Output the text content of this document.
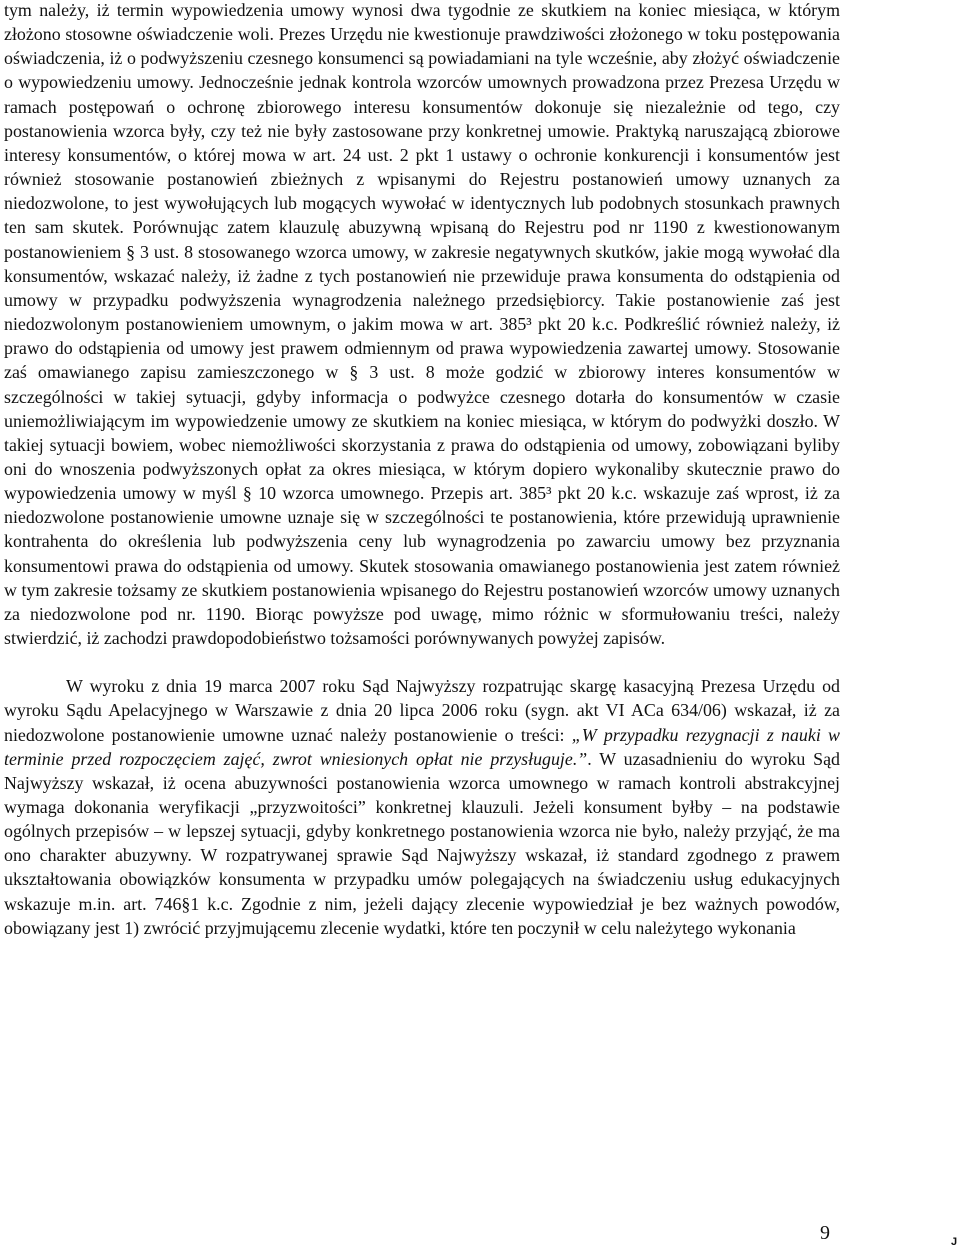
tym należy, iż termin wypowiedzenia umowy wynosi dwa tygodnie ze skutkiem na koniec miesiąca, w którym złożono stosowne oświadczenie woli. Prezes Urzędu nie kwestionuje prawdziwości złożonego w toku postępowania oświadczenia, iż o podwyższeniu czesnego konsumenci są powiadamiani na tyle wcześnie, aby złożyć oświadczenie o wypowiedzeniu umowy. Jednocześnie jednak kontrola wzorców umownych prowadzona przez Prezesa Urzędu w ramach postępowań o ochronę zbiorowego interesu konsumentów dokonuje się niezależnie od tego, czy postanowienia wzorca były, czy też nie były zastosowane przy konkretnej umowie. Praktyką naruszającą zbiorowe interesy konsumentów, o której mowa w art. 24 ust. 2 pkt 1 ustawy o ochronie konkurencji i konsumentów jest również stosowanie postanowień zbieżnych z wpisanymi do Rejestru postanowień umowy uznanych za niedozwolone, to jest wywołujących lub mogących wywołać w identycznych lub podobnych stosunkach prawnych ten sam skutek. Porównując zatem klauzulę abuzywną wpisaną do Rejestru pod nr 1190 z kwestionowanym postanowieniem § 3 ust. 8 stosowanego wzorca umowy, w zakresie negatywnych skutków, jakie mogą wywołać dla konsumentów, wskazać należy, iż żadne z tych postanowień nie przewiduje prawa konsumenta do odstąpienia od umowy w przypadku podwyższenia wynagrodzenia należnego przedsiębiorcy. Takie postanowienie zaś jest niedozwolonym postanowieniem umownym, o jakim mowa w art. 385³ pkt 20 k.c. Podkreślić również należy, iż prawo do odstąpienia od umowy jest prawem odmiennym od prawa wypowiedzenia zawartej umowy. Stosowanie zaś omawianego zapisu zamieszczonego w § 3 ust. 8 może godzić w zbiorowy interes konsumentów w szczególności w takiej sytuacji, gdyby informacja o podwyżce czesnego dotarła do konsumentów w czasie uniemożliwiającym im wypowiedzenie umowy ze skutkiem na koniec miesiąca, w którym do podwyżki doszło. W takiej sytuacji bowiem, wobec niemożliwości skorzystania z prawa do odstąpienia od umowy, zobowiązani byliby oni do wnoszenia podwyższonych opłat za okres miesiąca, w którym dopiero wykonaliby skutecznie prawo do wypowiedzenia umowy w myśl § 10 wzorca umownego. Przepis art. 385³ pkt 20 k.c. wskazuje zaś wprost, iż za niedozwolone postanowienie umowne uznaje się w szczególności te postanowienia, które przewidują uprawnienie kontrahenta do określenia lub podwyższenia ceny lub wynagrodzenia po zawarciu umowy bez przyznania konsumentowi prawa do odstąpienia od umowy. Skutek stosowania omawianego postanowienia jest zatem również w tym zakresie tożsamy ze skutkiem postanowienia wpisanego do Rejestru postanowień wzorców umowy uznanych za niedozwolone pod nr. 1190. Biorąc powyższe pod uwagę, mimo różnic w sformułowaniu treści, należy stwierdzić, iż zachodzi prawdopodobieństwo tożsamości porównywanych powyżej zapisów.

W wyroku z dnia 19 marca 2007 roku Sąd Najwyższy rozpatrując skargę kasacyjną Prezesa Urzędu od wyroku Sądu Apelacyjnego w Warszawie z dnia 20 lipca 2006 roku (sygn. akt VI ACa 634/06) wskazał, iż za niedozwolone postanowienie umowne uznać należy postanowienie o treści: „W przypadku rezygnacji z nauki w terminie przed rozpoczęciem zajęć, zwrot wniesionych opłat nie przysługuje.”. W uzasadnieniu do wyroku Sąd Najwyższy wskazał, iż ocena abuzywności postanowienia wzorca umownego w ramach kontroli abstrakcyjnej wymaga dokonania weryfikacji „przyzwoitości” konkretnej klauzuli. Jeżeli konsument byłby – na podstawie ogólnych przepisów – w lepszej sytuacji, gdyby konkretnego postanowienia wzorca nie było, należy przyjąć, że ma ono charakter abuzywny. W rozpatrywanej sprawie Sąd Najwyższy wskazał, iż standard zgodnego z prawem ukształtowania obowiązków konsumenta w przypadku umów polegających na świadczeniu usług edukacyjnych wskazuje m.in. art. 746§1 k.c. Zgodnie z nim, jeżeli dający zlecenie wypowiedział je bez ważnych powodów, obowiązany jest 1) zwrócić przyjmującemu zlecenie wydatki, które ten poczynił w celu należytego wykonania

9	J
